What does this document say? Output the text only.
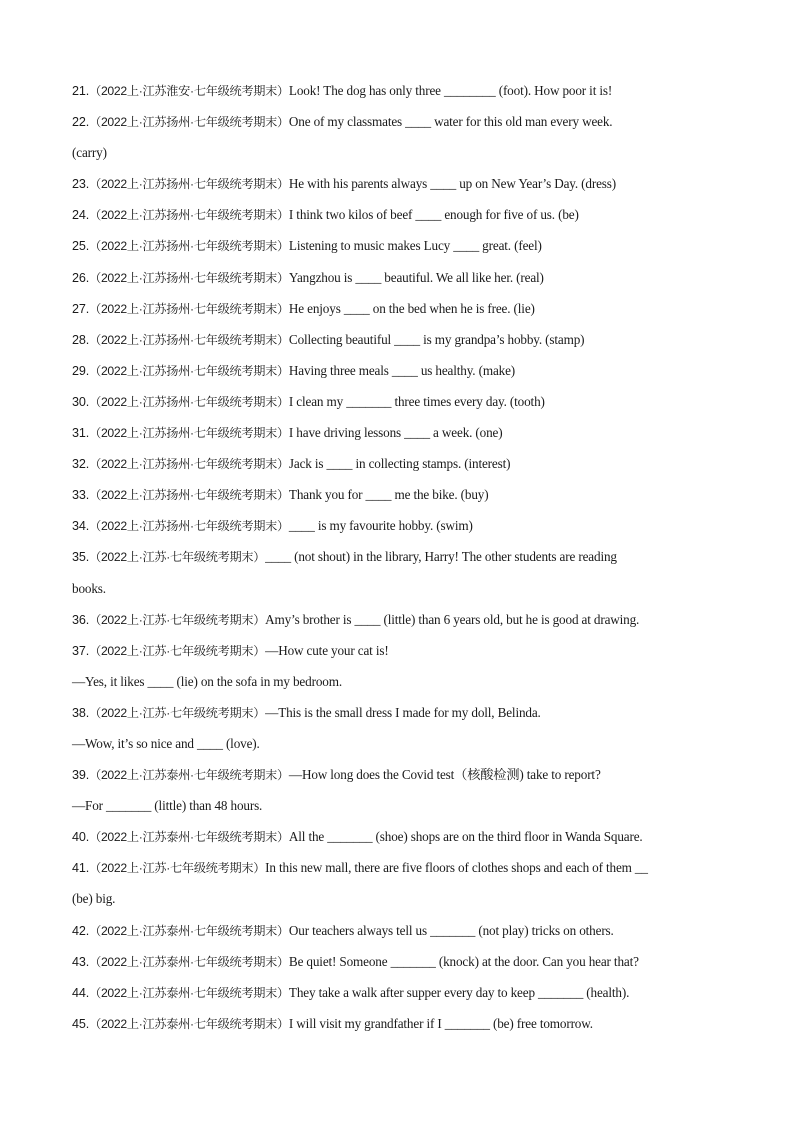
21.（2022上·江苏淮安·七年级统考期末）Look! The dog has only three ________ (foot). How poor it is!
22.（2022上·江苏扬州·七年级统考期末）One of my classmates ____ water for this old man every week.
(carry)
23.（2022上·江苏扬州·七年级统考期末）He with his parents always ____ up on New Year’s Day. (dress)
24.（2022上·江苏扬州·七年级统考期末）I think two kilos of beef ____ enough for five of us. (be)
25.（2022上·江苏扬州·七年级统考期末）Listening to music makes Lucy ____ great. (feel)
26.（2022上·江苏扬州·七年级统考期末）Yangzhou is ____ beautiful. We all like her. (real)
27.（2022上·江苏扬州·七年级统考期末）He enjoys ____ on the bed when he is free. (lie)
28.（2022上·江苏扬州·七年级统考期末）Collecting beautiful ____ is my grandpa’s hobby. (stamp)
29.（2022上·江苏扬州·七年级统考期末）Having three meals ____ us healthy. (make)
30.（2022上·江苏扬州·七年级统考期末）I clean my _______ three times every day. (tooth)
31.（2022上·江苏扬州·七年级统考期末）I have driving lessons ____ a week. (one)
32.（2022上·江苏扬州·七年级统考期末）Jack is ____ in collecting stamps. (interest)
33.（2022上·江苏扬州·七年级统考期末）Thank you for ____ me the bike. (buy)
34.（2022上·江苏扬州·七年级统考期末）____ is my favourite hobby. (swim)
35.（2022上·江苏·七年级统考期末）____ (not shout) in the library, Harry! The other students are reading
books.
36.（2022上·江苏·七年级统考期末）Amy’s brother is ____ (little) than 6 years old, but he is good at drawing.
37.（2022上·江苏·七年级统考期末）—How cute your cat is!
—Yes, it likes ____ (lie) on the sofa in my bedroom.
38.（2022上·江苏·七年级统考期末）—This is the small dress I made for my doll, Belinda.
—Wow, it’s so nice and ____ (love).
39.（2022上·江苏泰州·七年级统考期末）—How long does the Covid test（核酸检测) take to report?
—For _______ (little) than 48 hours.
40.（2022上·江苏泰州·七年级统考期末）All the _______ (shoe) shops are on the third floor in Wanda Square.
41.（2022上·江苏·七年级统考期末）In this new mall, there are five floors of clothes shops and each of them __
(be) big.
42.（2022上·江苏泰州·七年级统考期末）Our teachers always tell us _______ (not play) tricks on others.
43.（2022上·江苏泰州·七年级统考期末）Be quiet! Someone _______ (knock) at the door. Can you hear that?
44.（2022上·江苏泰州·七年级统考期末）They take a walk after supper every day to keep _______ (health).
45.（2022上·江苏泰州·七年级统考期末）I will visit my grandfather if I _______ (be) free tomorrow.
